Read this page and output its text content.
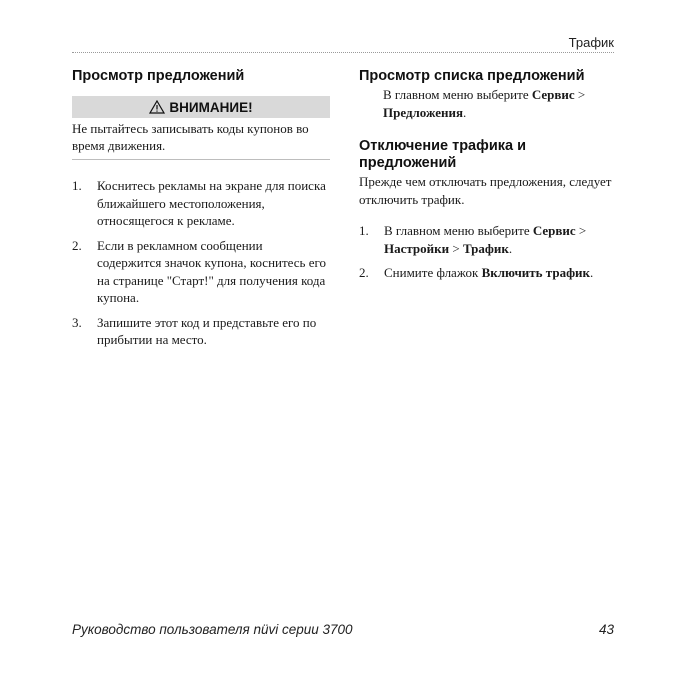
Трафик
Просмотр предложений
ВНИМАНИЕ!
Не пытайтесь записывать коды купонов во время движения.
1. Коснитесь рекламы на экране для поиска ближайшего местоположения, относящегося к рекламе.
2. Если в рекламном сообщении содержится значок купона, коснитесь его на странице "Старт!" для получения кода купона.
3. Запишите этот код и представьте его по прибытии на место.
Просмотр списка предложений

В главном меню выберите Сервис > Предложения.

Отключение трафика и предложений

Прежде чем отключать предложения, следует отключить трафик.

1. В главном меню выберите Сервис > Настройки > Трафик.
2. Снимите флажок Включить трафик.
Руководство пользователя nüvi серии 3700	43
